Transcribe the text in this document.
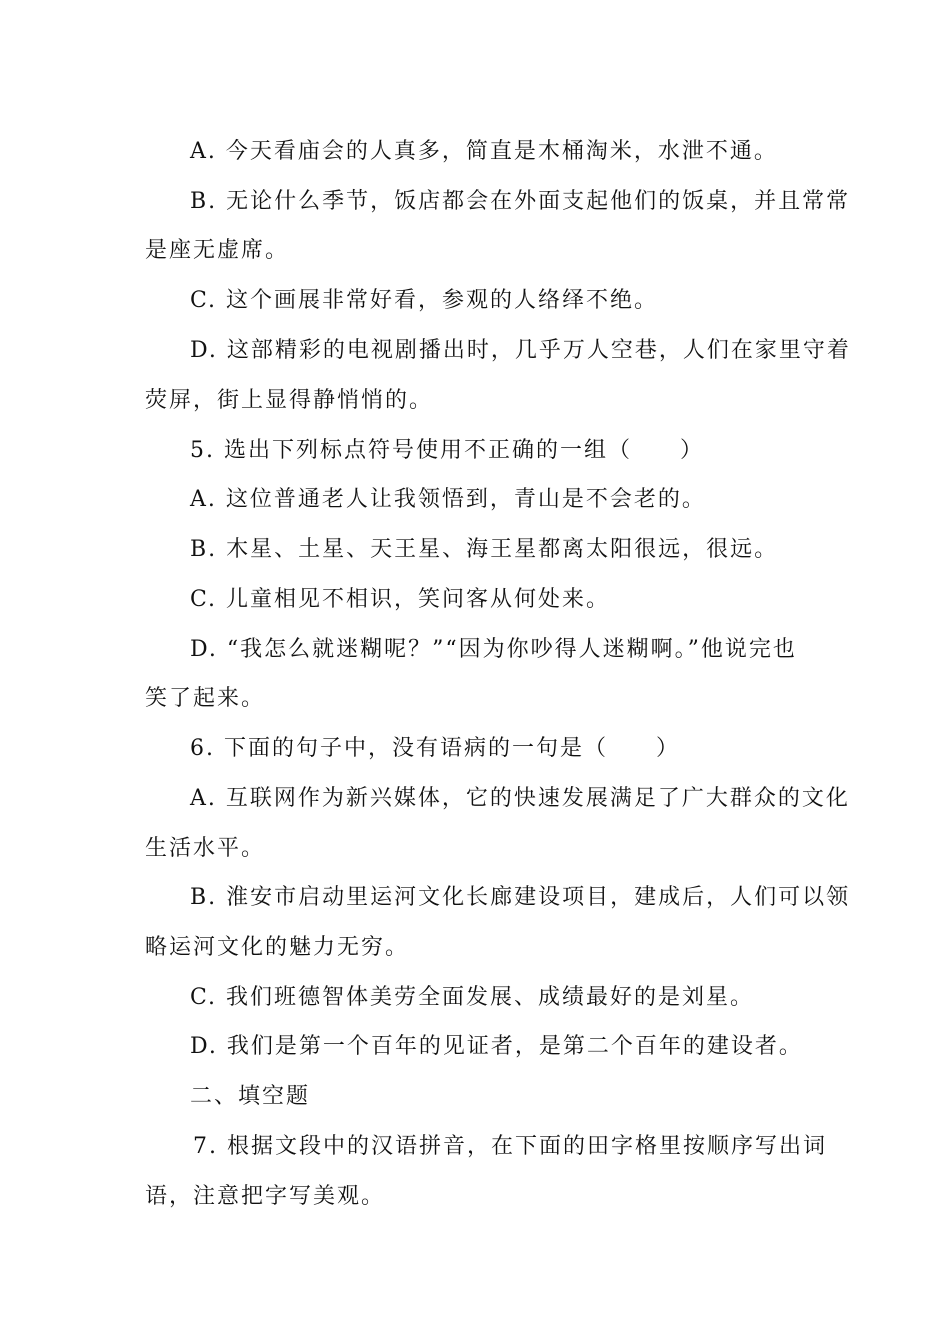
A. 今天看庙会的人真多，简直是木桶淘米，水泄不通。
B. 无论什么季节，饭店都会在外面支起他们的饭桌，并且常常
是座无虚席。
C. 这个画展非常好看，参观的人络绎不绝。
D. 这部精彩的电视剧播出时，几乎万人空巷，人们在家里守着
荧屏，街上显得静悄悄的。
5. 选出下列标点符号使用不正确的一组（　　）
A. 这位普通老人让我领悟到，青山是不会老的。
B. 木星、土星、天王星、海王星都离太阳很远，很远。
C. 儿童相见不相识，笑问客从何处来。
D. “我怎么就迷糊呢？”“因为你吵得人迷糊啊。”他说完也
笑了起来。
6. 下面的句子中，没有语病的一句是（　　）
A. 互联网作为新兴媒体，它的快速发展满足了广大群众的文化
生活水平。
B. 淮安市启动里运河文化长廊建设项目，建成后，人们可以领
略运河文化的魅力无穷。
C. 我们班德智体美劳全面发展、成绩最好的是刘星。
D. 我们是第一个百年的见证者，是第二个百年的建设者。
二、填空题
7. 根据文段中的汉语拼音，在下面的田字格里按顺序写出词
语，注意把字写美观。
